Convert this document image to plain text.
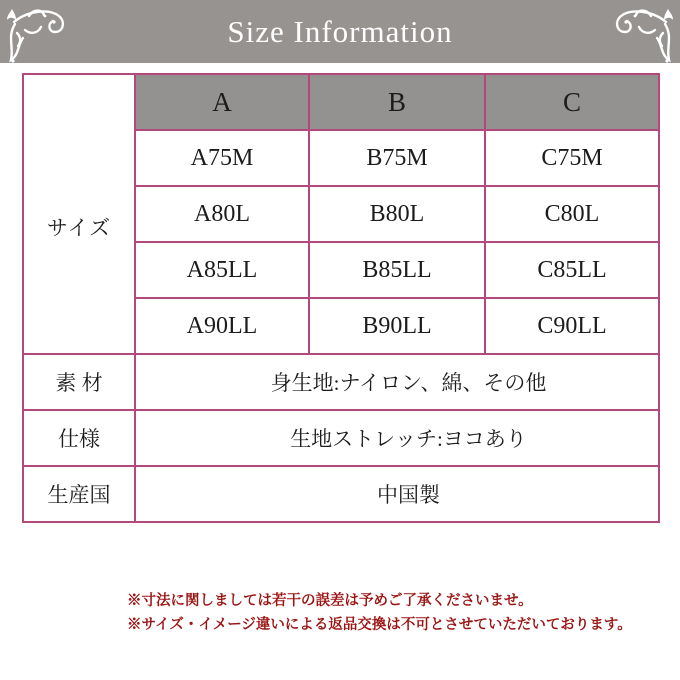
Size Information
サイズ	A	B	C
	A75M	B75M	C75M
	A80L	B80L	C80L
	A85LL	B85LL	C85LL
	A90LL	B90LL	C90LL
素 材	身生地:ナイロン、綿、その他		
仕様	生地ストレッチ:ヨコあり		
生産国	中国製		
※寸法に関しましては若干の誤差は予めご了承くださいませ。
※サイズ・イメージ違いによる返品交換は不可とさせていただいております。
